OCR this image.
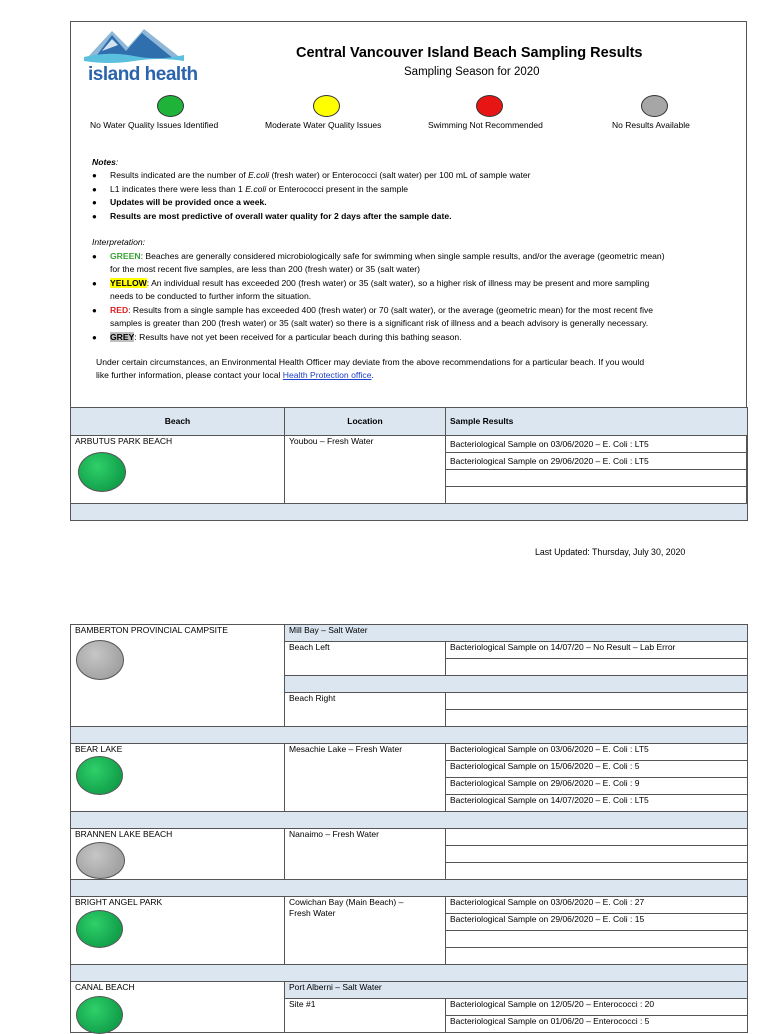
island health
Central Vancouver Island Beach Sampling Results
Sampling Season for 2020
No Water Quality Issues Identified	Moderate Water Quality Issues	Swimming Not Recommended	No Results Available
Notes:
● Results indicated are the number of E.coli (fresh water) or Enterococci (salt water) per 100 mL of sample water
● L1 indicates there were less than 1 E.coli or Enterococci present in the sample
● Updates will be provided once a week.
● Results are most predictive of overall water quality for 2 days after the sample date.
Interpretation:
● GREEN: Beaches are generally considered microbiologically safe for swimming when single sample results, and/or the average (geometric mean)
for the most recent five samples, are less than 200 (fresh water) or 35 (salt water)
● YELLOW: An individual result has exceeded 200 (fresh water) or 35 (salt water), so a higher risk of illness may be present and more sampling
needs to be conducted to further inform the situation.
● RED: Results from a single sample has exceeded 400 (fresh water) or 70 (salt water), or the average (geometric mean) for the most recent five
samples is greater than 200 (fresh water) or 35 (salt water) so there is a significant risk of illness and a beach advisory is generally necessary.
● GREY: Results have not yet been received for a particular beach during this bathing season.
Under certain circumstances, an Environmental Health Officer may deviate from the above recommendations for a particular beach. If you would
like further information, please contact your local Health Protection office.
Beach	Location	Sample Results
ARBUTUS PARK BEACH	Youbou – Fresh Water	Bacteriological Sample on 03/06/2020 – E. Coli : LT5
		Bacteriological Sample on 29/06/2020 – E. Coli : LT5

Last Updated: Thursday, July 30, 2020
BAMBERTON PROVINCIAL CAMPSITE	Mill Bay – Salt Water	
	Beach Left	Bacteriological Sample on 14/07/20 – No Result – Lab Error

	Beach Right	

BEAR LAKE	Mesachie Lake – Fresh Water	Bacteriological Sample on 03/06/2020 – E. Coli : LT5
		Bacteriological Sample on 15/06/2020 – E. Coli : 5
		Bacteriological Sample on 29/06/2020 – E. Coli : 9
		Bacteriological Sample on 14/07/2020 – E. Coli : LT5

BRANNEN LAKE BEACH	Nanaimo – Fresh Water	

BRIGHT ANGEL PARK	Cowichan Bay (Main Beach) –
Fresh Water	Bacteriological Sample on 03/06/2020 – E. Coli : 27
		Bacteriological Sample on 29/06/2020 – E. Coli : 15

CANAL BEACH	Port Alberni – Salt Water	
	Site #1	Bacteriological Sample on 12/05/20 – Enterococci : 20
		Bacteriological Sample on 01/06/20 – Enterococci : 5
